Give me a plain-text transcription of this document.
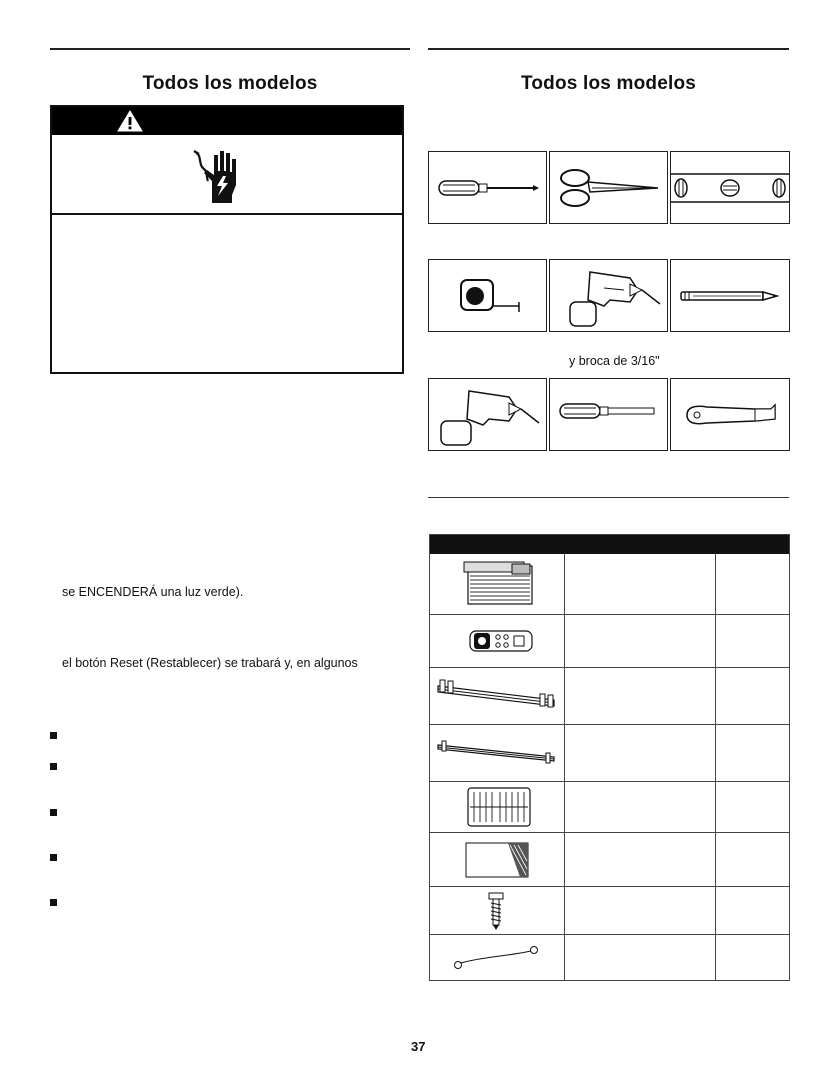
Todos los modelos
se ENCENDERÁ una luz verde).
el botón Reset (Restablecer) se trabará y, en algunos
Todos los modelos
y broca de 3/16"
37
